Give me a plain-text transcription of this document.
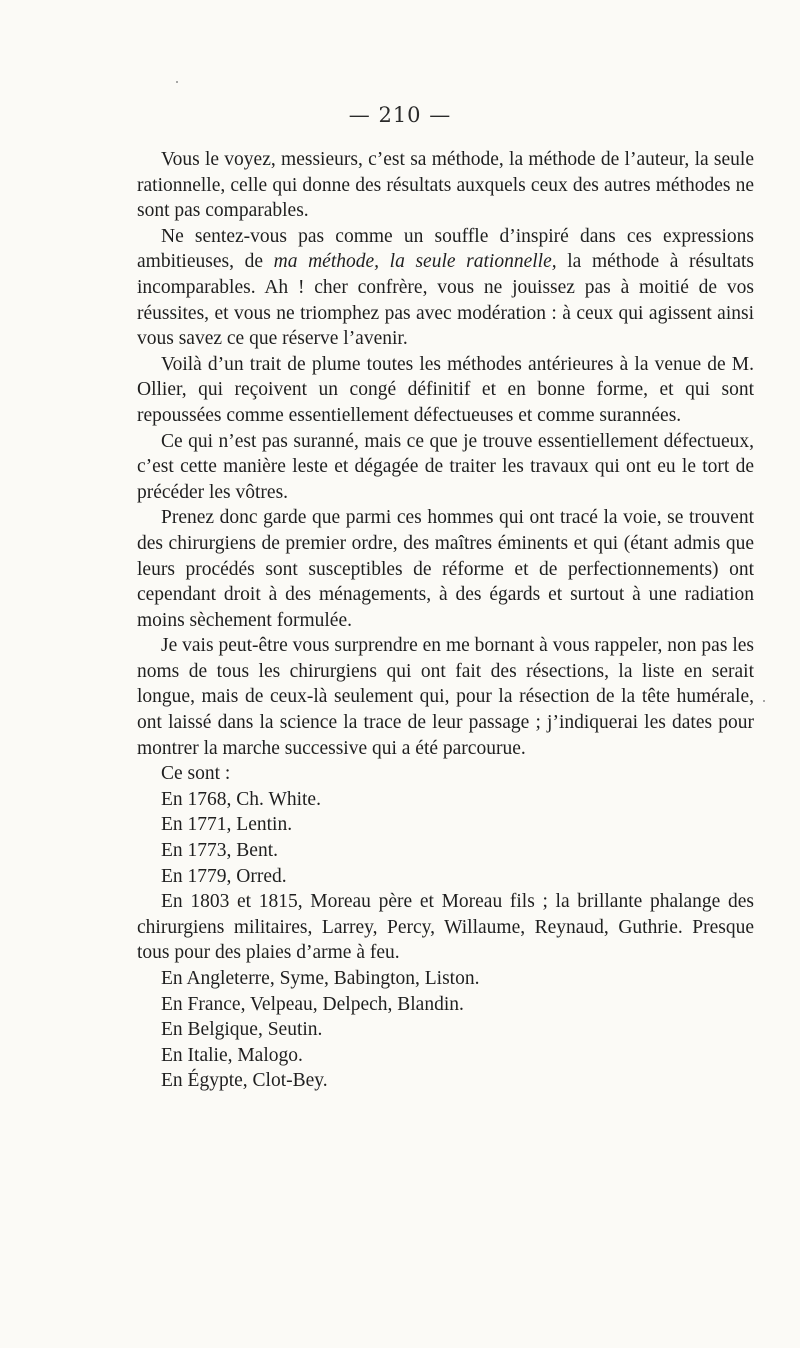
— 210 —

Vous le voyez, messieurs, c’est sa méthode, la méthode de l’auteur, la seule rationnelle, celle qui donne des résultats auxquels ceux des autres méthodes ne sont pas comparables.

Ne sentez-vous pas comme un souffle d’inspiré dans ces expressions ambitieuses, de ma méthode, la seule rationnelle, la méthode à résultats incomparables. Ah ! cher confrère, vous ne jouissez pas à moitié de vos réussites, et vous ne triomphez pas avec modération : à ceux qui agissent ainsi vous savez ce que réserve l’avenir.

Voilà d’un trait de plume toutes les méthodes antérieures à la venue de M. Ollier, qui reçoivent un congé définitif et en bonne forme, et qui sont repoussées comme essentiellement défectueuses et comme surannées.

Ce qui n’est pas suranné, mais ce que je trouve essentiellement défectueux, c’est cette manière leste et dégagée de traiter les travaux qui ont eu le tort de précéder les vôtres.

Prenez donc garde que parmi ces hommes qui ont tracé la voie, se trouvent des chirurgiens de premier ordre, des maîtres éminents et qui (étant admis que leurs procédés sont susceptibles de réforme et de perfectionnements) ont cependant droit à des ménagements, à des égards et surtout à une radiation moins sèchement formulée.

Je vais peut-être vous surprendre en me bornant à vous rappeler, non pas les noms de tous les chirurgiens qui ont fait des résections, la liste en serait longue, mais de ceux-là seulement qui, pour la résection de la tête humérale, ont laissé dans la science la trace de leur passage ; j’indiquerai les dates pour montrer la marche successive qui a été parcourue.

Ce sont :

En 1768, Ch. White.

En 1771, Lentin.

En 1773, Bent.

En 1779, Orred.

En 1803 et 1815, Moreau père et Moreau fils ; la brillante phalange des chirurgiens militaires, Larrey, Percy, Willaume, Reynaud, Guthrie. Presque tous pour des plaies d’arme à feu.

En Angleterre, Syme, Babington, Liston.

En France, Velpeau, Delpech, Blandin.

En Belgique, Seutin.

En Italie, Malogo.

En Égypte, Clot-Bey.
